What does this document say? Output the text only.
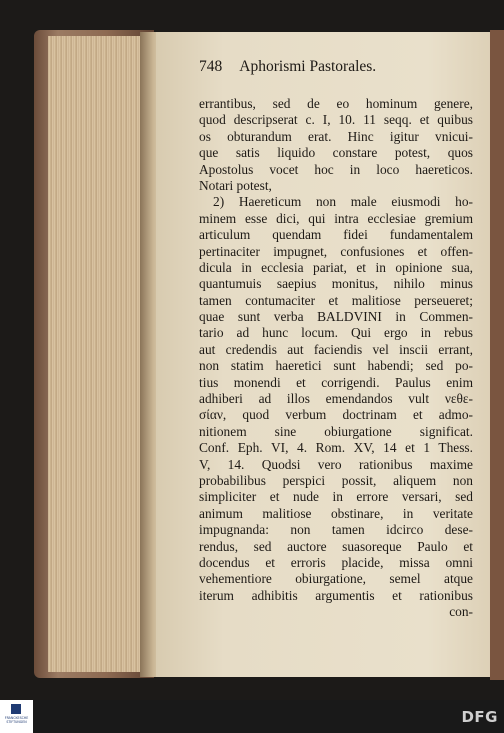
748 Aphorismi Pastorales.
errantibus, sed de eo hominum genere,
quod descripserat c. I, 10. 11 seqq. et quibus
os obturandum erat. Hinc igitur vnicui-
que satis liquido constare potest, quos
Apostolus vocet hoc in loco haereticos.
Notari potest,
2) Haereticum non male eiusmodi ho-
minem esse dici, qui intra ecclesiae gremium
articulum quendam fidei fundamentalem
pertinaciter impugnet, confusiones et offen-
dicula in ecclesia pariat, et in opinione sua,
quantumuis saepius monitus, nihilo minus
tamen contumaciter et malitiose perseueret;
quae sunt verba BALDVINI in Commen-
tario ad hunc locum. Qui ergo in rebus
aut credendis aut faciendis vel inscii errant,
non statim haeretici sunt habendi; sed po-
tius monendi et corrigendi. Paulus enim
adhiberi ad illos emendandos vult νεθε-
σίαν, quod verbum doctrinam et admo-
nitionem sine obiurgatione significat.
Conf. Eph. VI, 4. Rom. XV, 14 et 1 Thess.
V, 14. Quodsi vero rationibus maxime
probabilibus perspici possit, aliquem non
simpliciter et nude in errore versari, sed
animum malitiose obstinare, in veritate
impugnanda: non tamen idcirco dese-
rendus, sed auctore suasoreque Paulo et
docendus et erroris placide, missa omni
vehementiore obiurgatione, semel atque
iterum adhibitis argumentis et rationibus
con-
FRANCKESCHE STIFTUNGEN	DFG
